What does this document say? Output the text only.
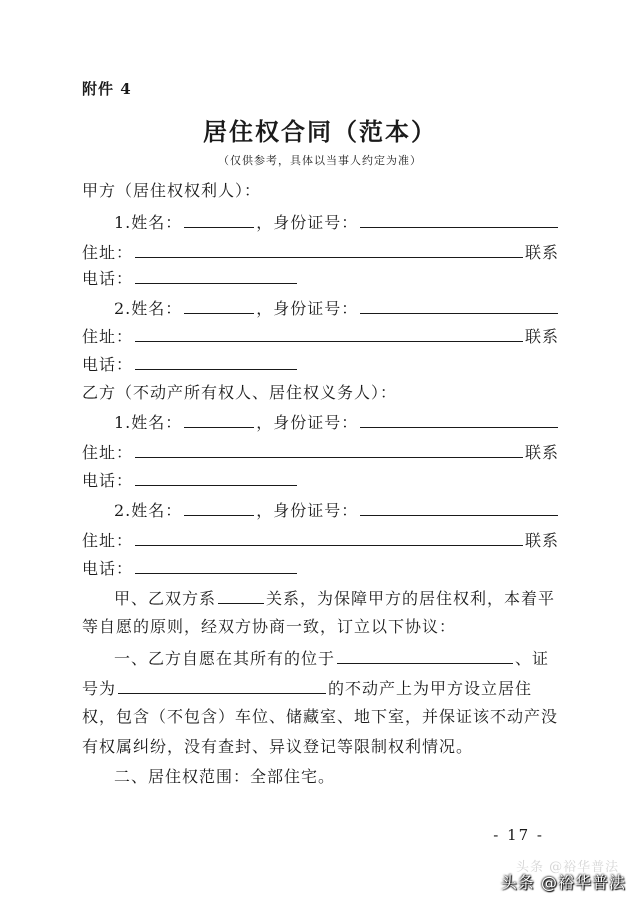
附件 4
居住权合同（范本）
（仅供参考，具体以当事人约定为准）
甲方（居住权权利人）：
1.姓名：	，身份证号：
住址：	联系
电话：
2.姓名：	，身份证号：
住址：	联系
电话：
乙方（不动产所有权人、居住权义务人）：
1.姓名：	，身份证号：
住址：	联系
电话：
2.姓名：	，身份证号：
住址：	联系
电话：
甲、乙双方系	关系，为保障甲方的居住权利，本着平
等自愿的原则，经双方协商一致，订立以下协议：
一、乙方自愿在其所有的位于	、证
号为	的不动产上为甲方设立居住
权，包含（不包含）车位、储藏室、地下室，并保证该不动产没
有权属纠纷，没有查封、异议登记等限制权利情况。
二、居住权范围：全部住宅。
- 17 -
头条 @裕华普法
头条 @裕华普法
